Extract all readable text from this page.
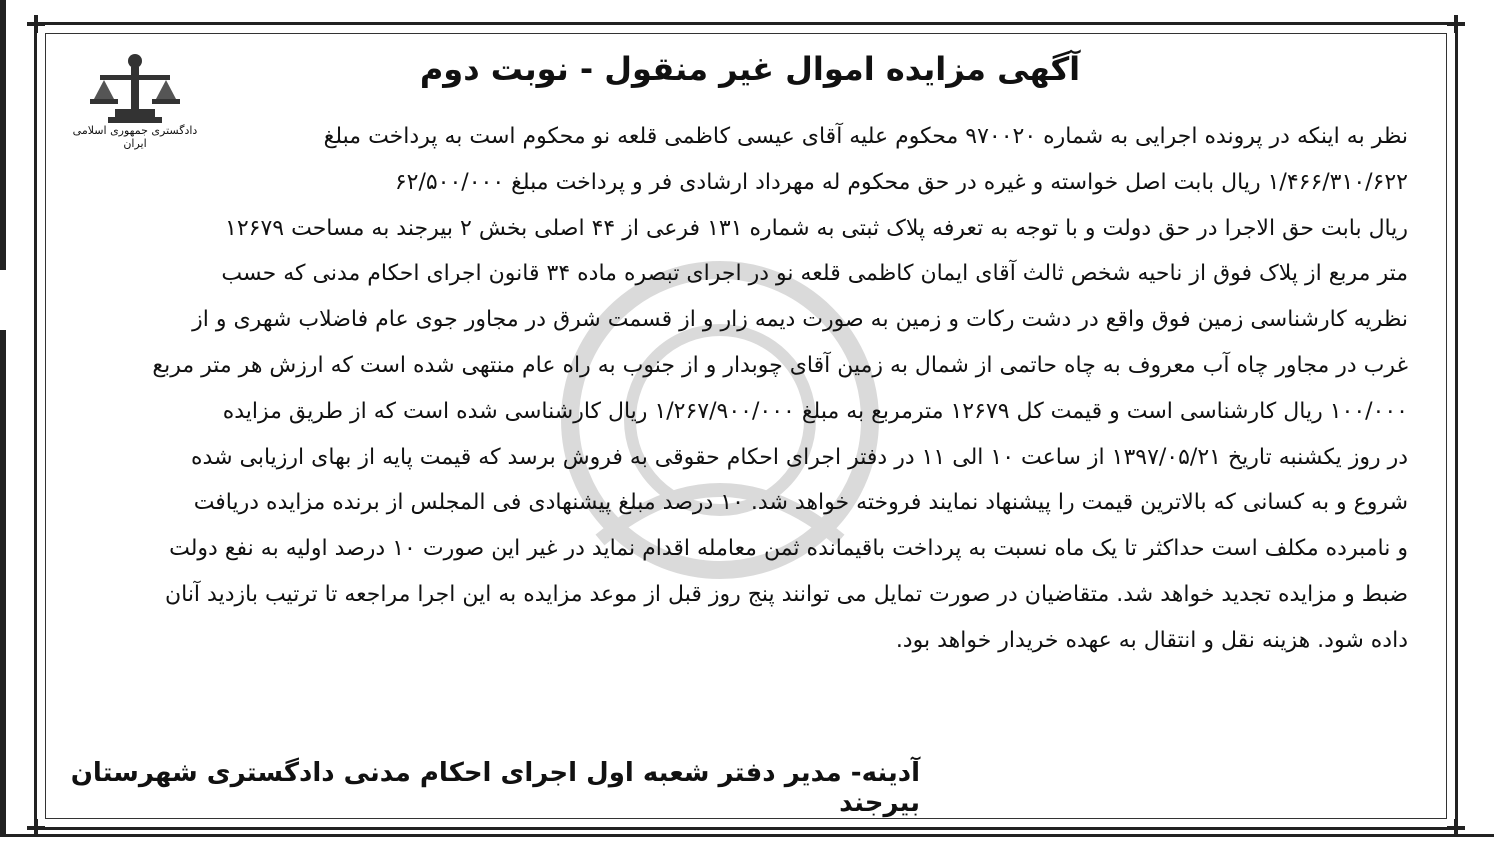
آگهی مزایده اموال غیر منقول - نوبت دوم
دادگستری جمهوری اسلامی ایران	نظر به اینکه در پرونده اجرایی به شماره ۹۷۰۰۲۰ محکوم علیه آقای عیسی کاظمی قلعه نو محکوم است به پرداخت مبلغ
۱/۴۶۶/۳۱۰/۶۲۲ ریال بابت اصل خواسته و غیره در حق محکوم له مهرداد ارشادی فر و پرداخت مبلغ ۶۲/۵۰۰/۰۰۰
ریال بابت حق الاجرا در حق دولت و با توجه به تعرفه پلاک ثبتی به شماره ۱۳۱ فرعی از ۴۴ اصلی بخش ۲ بیرجند به مساحت ۱۲۶۷۹
متر مربع از پلاک فوق از ناحیه شخص ثالث آقای ایمان کاظمی قلعه نو در اجرای تبصره ماده ۳۴ قانون اجرای احکام مدنی که حسب
نظریه کارشناسی زمین فوق واقع در دشت رکات و زمین به صورت دیمه زار و از قسمت شرق در مجاور جوی عام فاضلاب شهری و از
غرب در مجاور چاه آب معروف به چاه حاتمی از شمال به زمین آقای چوبدار و از جنوب به راه عام منتهی شده است که ارزش هر متر مربع
۱۰۰/۰۰۰ ریال کارشناسی است و قیمت کل ۱۲۶۷۹ مترمربع به مبلغ ۱/۲۶۷/۹۰۰/۰۰۰ ریال کارشناسی شده است که از طریق مزایده
در روز یکشنبه تاریخ ۱۳۹۷/۰۵/۲۱ از ساعت ۱۰ الی ۱۱ در دفتر اجرای احکام حقوقی به فروش برسد که قیمت پایه از بهای ارزیابی شده
شروع و به کسانی که بالاترین قیمت را پیشنهاد نمایند فروخته خواهد شد. ۱۰ درصد مبلغ پیشنهادی فی المجلس از برنده مزایده دریافت
و نامبرده مکلف است حداکثر تا یک ماه نسبت به پرداخت باقیمانده ثمن معامله اقدام نماید در غیر این صورت ۱۰ درصد اولیه به نفع دولت
ضبط و مزایده تجدید خواهد شد. متقاضیان در صورت تمایل می توانند پنج روز قبل از موعد مزایده به این اجرا مراجعه تا ترتیب بازدید آنان
داده شود. هزینه نقل و انتقال به عهده خریدار خواهد بود.
آدینه- مدیر دفتر شعبه اول اجرای احکام مدنی دادگستری شهرستان بیرجند
